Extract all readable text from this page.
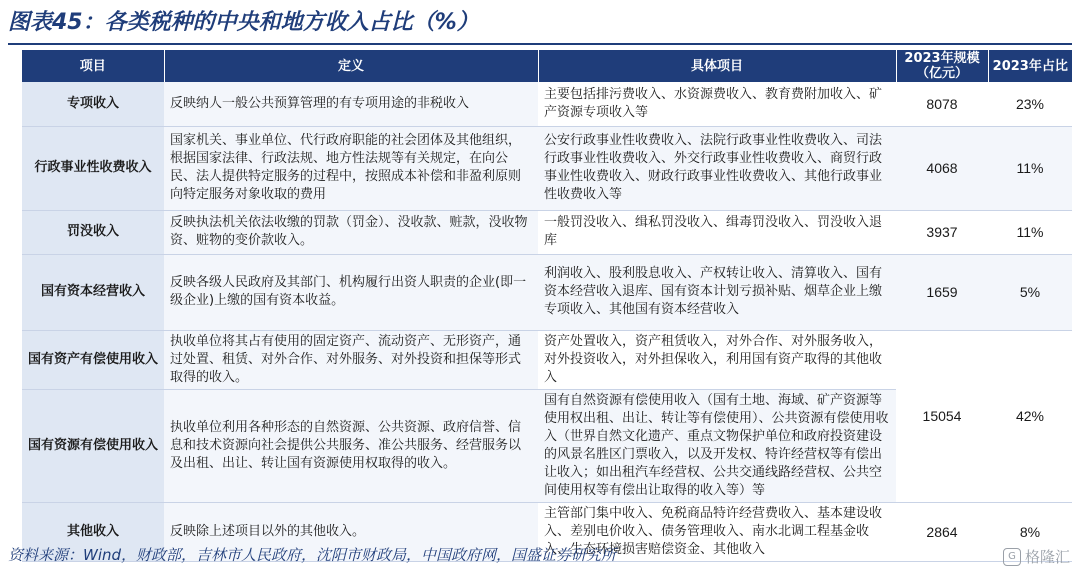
图表45：各类税种的中央和地方收入占比（%）
项目	定义	具体项目	2023年规模（亿元）	2023年占比
专项收入	反映纳人一般公共预算管理的有专项用途的非税收入	主要包括排污费收入、水资源费收入、教育费附加收入、矿产资源专项收入等	8078	23%
行政事业性收费收入	国家机关、事业单位、代行政府职能的社会团体及其他组织，根据国家法律、行政法规、地方性法规等有关规定，在向公民、法人提供特定服务的过程中，按照成本补偿和非盈利原则向特定服务对象收取的费用	公安行政事业性收费收入、法院行政事业性收费收入、司法行政事业性收费收入、外交行政事业性收费收入、商贸行政事业性收费收入、财政行政事业性收费收入、其他行政事业性收费收入等	4068	11%
罚没收入	反映执法机关依法收缴的罚款（罚金）、没收款、赃款，没收物资、赃物的变价款收入。	一般罚没收入、缉私罚没收入、缉毒罚没收入、罚没收入退库	3937	11%
国有资本经营收入	反映各级人民政府及其部门、机构履行出资人职责的企业(即一级企业)上缴的国有资本收益。	利润收入、股利股息收入、产权转让收入、清算收入、国有资本经营收入退库、国有资本计划亏损补贴、烟草企业上缴专项收入、其他国有资本经营收入	1659	5%
国有资产有偿使用收入	执收单位将其占有使用的固定资产、流动资产、无形资产，通过处置、租赁、对外合作、对外服务、对外投资和担保等形式取得的收入。	资产处置收入，资产租赁收入，对外合作、对外服务收入，对外投资收入，对外担保收入，利用国有资产取得的其他收入	15054	42%
国有资源有偿使用收入	执收单位利用各种形态的自然资源、公共资源、政府信誉、信息和技术资源向社会提供公共服务、准公共服务、经营服务以及出租、出让、转让国有资源使用权取得的收入。	国有自然资源有偿使用收入（国有土地、海域、矿产资源等使用权出租、出让、转让等有偿使用）、公共资源有偿使用收入（世界自然文化遗产、重点文物保护单位和政府投资建设的风景名胜区门票收入，以及开发权、特许经营权等有偿出让收入；如出租汽车经营权、公共交通线路经营权、公共空间使用权等有偿出让取得的收入等）等		
其他收入	反映除上述项目以外的其他收入。	主管部门集中收入、免税商品特许经营费收入、基本建设收入、差别电价收入、债务管理收入、南水北调工程基金收入、生态环境损害赔偿资金、其他收入	2864	8%
资料来源：Wind，财政部，吉林市人民政府，沈阳市财政局，中国政府网，国盛证券研究所	G 格隆汇
